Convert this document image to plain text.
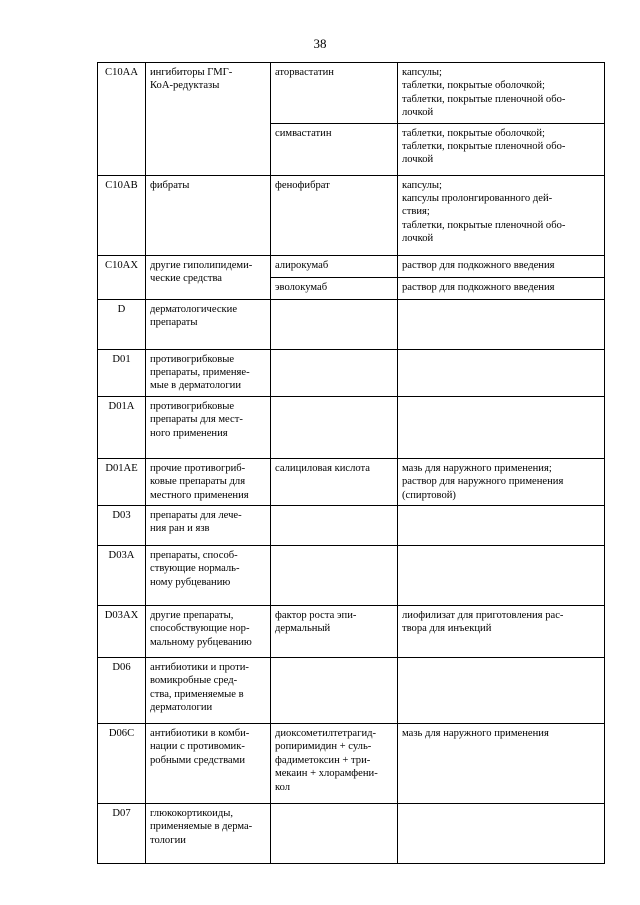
38
C10AA	ингибиторы ГМГ-
КоА-редуктазы	аторвастатин	капсулы;
таблетки, покрытые оболочкой;
таблетки, покрытые пленочной обо-
лочкой

		симвастатин	таблетки, покрытые оболочкой;
таблетки, покрытые пленочной обо-
лочкой

C10AB	фибраты	фенофибрат	капсулы;
капсулы пролонгированного дей-
ствия;
таблетки, покрытые пленочной обо-
лочкой

C10AX	другие гиполипидеми-
ческие средства	алирокумаб	раствор для подкожного введения

		эволокумаб	раствор для подкожного введения

D	дерматологические
препараты		

D01	противогрибковые
препараты, применяе-
мые в дерматологии		

D01A	противогрибковые
препараты для мест-
ного применения		

D01AE	прочие противогриб-
ковые препараты для
местного применения	салициловая кислота	мазь для наружного применения;
раствор для наружного применения
(спиртовой)

D03	препараты для лече-
ния ран и язв		

D03A	препараты, способ-
ствующие нормаль-
ному рубцеванию		

D03AX	другие препараты,
способствующие нор-
мальному рубцеванию	фактор роста эпи-
дермальный	лиофилизат для приготовления рас-
твора для инъекций

D06	антибиотики и проти-
вомикробные сред-
ства, применяемые в
дерматологии		

D06C	антибиотики в комби-
нации с противомик-
робными средствами	диоксометилтетрагид-
ропиримидин + суль-
фадиметоксин + три-
мекаин + хлорамфени-
кол	мазь для наружного применения

D07	глюкокортикоиды,
применяемые в дерма-
тологии		
